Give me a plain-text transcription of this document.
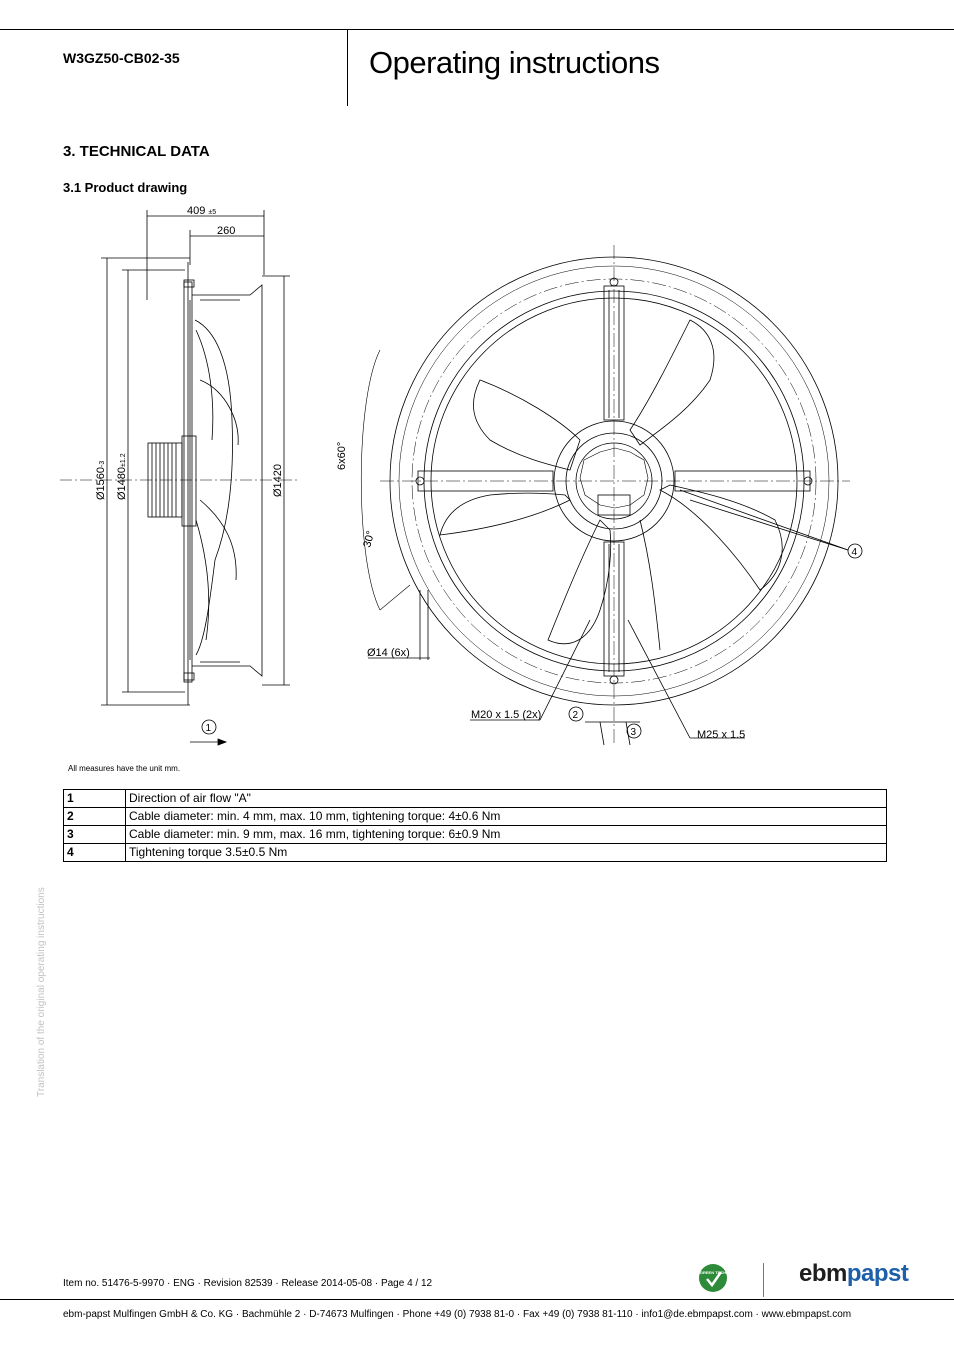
W3GZ50-CB02-35	Operating instructions
3. TECHNICAL DATA
3.1 Product drawing
409 ±5
260
Ø1560-3
Ø1480±1.2
Ø1420
1
6x60°
30°
Ø14 (6x)
M20 x 1.5 (2x)
M25 x 1.5
2
3
4
All measures have the unit mm.
1	Direction of air flow "A"
2	Cable diameter: min. 4 mm, max. 10 mm, tightening torque: 4±0.6 Nm
3	Cable diameter: min. 9 mm, max. 16 mm, tightening torque: 6±0.9 Nm
4	Tightening torque 3.5±0.5 Nm
Translation of the original operating instructions
Item no. 51476-5-9970 · ENG · Revision 82539 · Release 2014-05-08 · Page 4 / 12
GREEN TECH	ebmpapst
ebm-papst Mulfingen GmbH & Co. KG · Bachmühle 2 · D-74673 Mulfingen · Phone +49 (0) 7938 81-0 · Fax +49 (0) 7938 81-110 · info1@de.ebmpapst.com · www.ebmpapst.com
